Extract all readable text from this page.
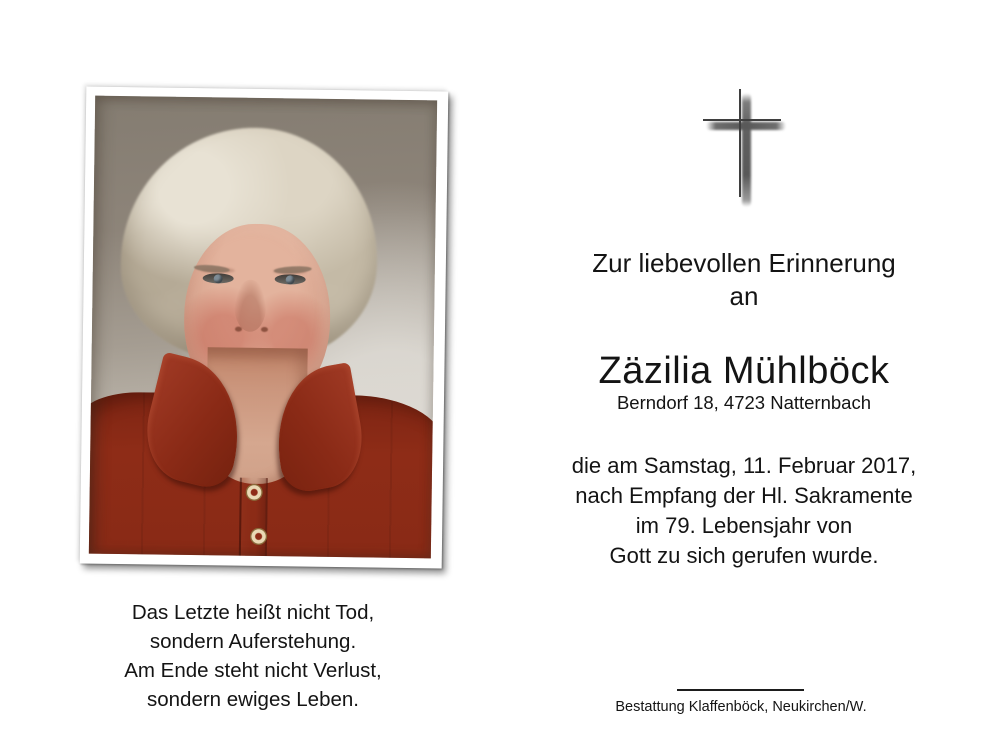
Zur liebevollen Erinnerung
an
Zäzilia Mühlböck
Berndorf 18, 4723 Natternbach
die am Samstag, 11. Februar 2017,
nach Empfang der Hl. Sakramente
im 79. Lebensjahr von
Gott zu sich gerufen wurde.
Das Letzte heißt nicht Tod,
sondern Auferstehung.
Am Ende steht nicht Verlust,
sondern ewiges Leben.	Bestattung Klaffenböck, Neukirchen/W.
